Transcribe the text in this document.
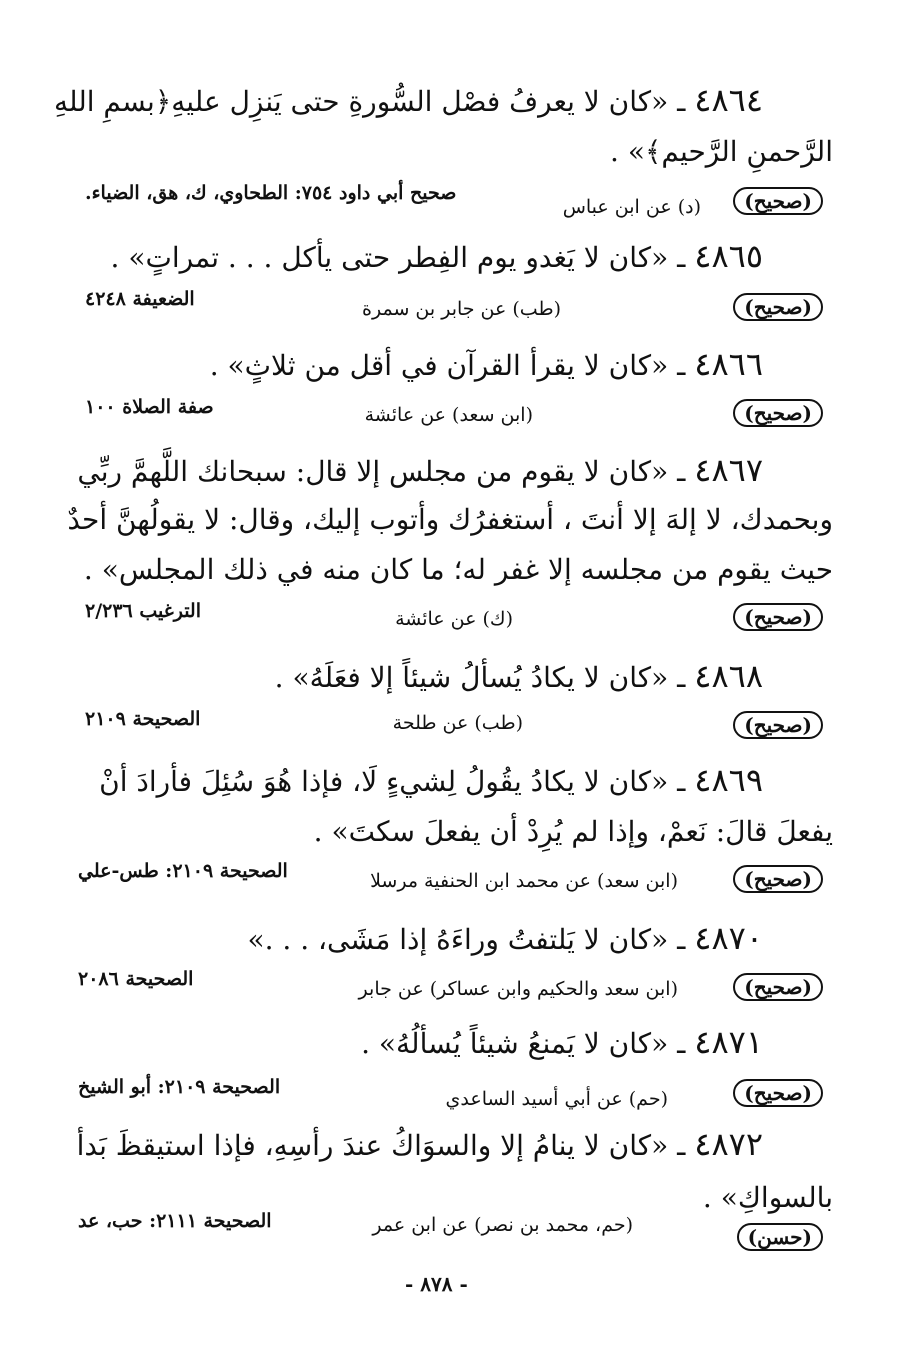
٤٨٦٤ ـ «كان لا يعرفُ فصْل السُّورةِ حتى يَنزِل عليهِ﴿بسمِ اللهِ
الرَّحمنِ الرَّحيم﴾» .
(صحيح)
(د) عن ابن عباس
صحيح أبي داود ٧٥٤: الطحاوي، ك، هق، الضياء.
٤٨٦٥ ـ «كان لا يَغدو يوم الفِطر حتى يأكل . . . تمراتٍ» .
(صحيح)
(طب) عن جابر بن سمرة
الضعيفة ٤٢٤٨
٤٨٦٦ ـ «كان لا يقرأ القرآن في أقل من ثلاثٍ» .
(صحيح)
(ابن سعد) عن عائشة
صفة الصلاة ١٠٠
٤٨٦٧ ـ «كان لا يقوم من مجلس إلا قال: سبحانك اللَّهمَّ ربِّي
وبحمدك، لا إلهَ إلا أنتَ ، أستغفرُك وأتوب إليك، وقال: لا يقولُهنَّ أحدٌ
حيث يقوم من مجلسه إلا غفر له؛ ما كان منه في ذلك المجلس» .
(صحيح)
(ك) عن عائشة
الترغيب ٢/٢٣٦
٤٨٦٨ ـ «كان لا يكادُ يُسألُ شيئاً إلا فعَلَهُ» .
(صحيح)
(طب) عن طلحة
الصحيحة ٢١٠٩
٤٨٦٩ ـ «كان لا يكادُ يقُولُ لِشيءٍ لَا، فإذا هُوَ سُئِلَ فأرادَ أنْ
يفعلَ قالَ: نَعمْ، وإذا لم يُرِدْ أن يفعلَ سكتَ» .
(صحيح)
(ابن سعد) عن محمد ابن الحنفية مرسلا
الصحيحة ٢١٠٩: طس-علي
٤٨٧٠ ـ «كان لا يَلتفتُ وراءَهُ إذا مَشَى، . . .»
(صحيح)
(ابن سعد والحكيم وابن عساكر) عن جابر
الصحيحة ٢٠٨٦
٤٨٧١ ـ «كان لا يَمنعُ شيئاً يُسألُهُ» .
(صحيح)
(حم) عن أبي أسيد الساعدي
الصحيحة ٢١٠٩: أبو الشيخ
٤٨٧٢ ـ «كان لا ينامُ إلا والسوَاكُ عندَ رأسِهِ، فإذا استيقظَ بَدأ
بالسواكِ» .
(حسن)
(حم، محمد بن نصر) عن ابن عمر
الصحيحة ٢١١١: حب، عد
- ٨٧٨ -
